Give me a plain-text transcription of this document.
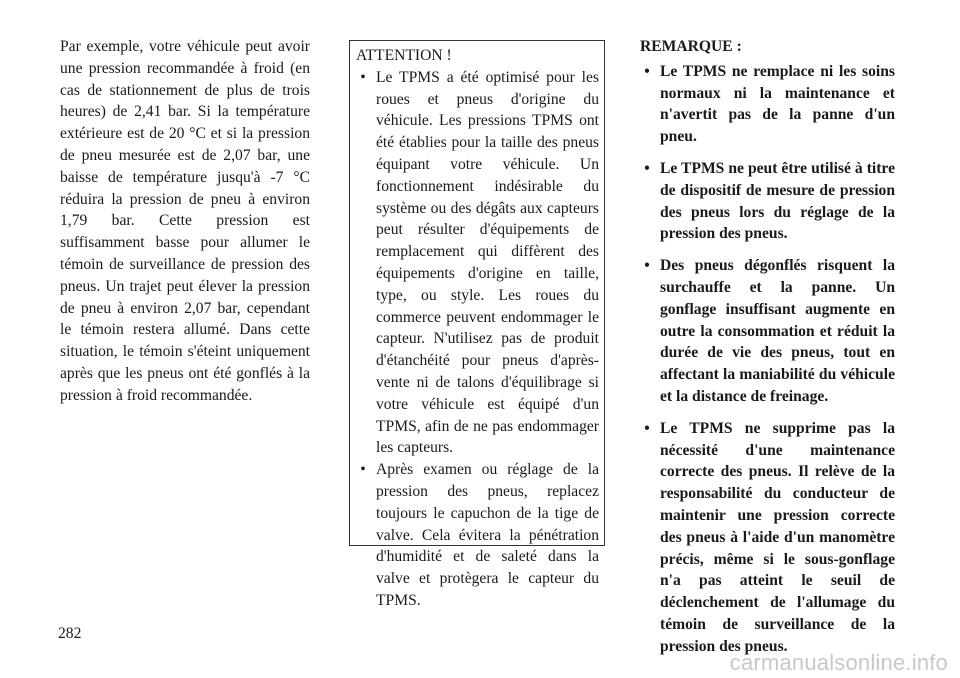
Par exemple, votre véhicule peut avoir une pression recommandée à froid (en cas de stationnement de plus de trois heures) de 2,41 bar. Si la température extérieure est de 20 °C et si la pression de pneu mesurée est de 2,07 bar, une baisse de température jusqu'à -7 °C réduira la pression de pneu à environ 1,79 bar. Cette pression est suffisamment basse pour allumer le témoin de surveillance de pression des pneus. Un trajet peut élever la pression de pneu à environ 2,07 bar, cependant le témoin restera allumé. Dans cette situation, le témoin s'éteint uniquement après que les pneus ont été gonflés à la pression à froid recommandée.

ATTENTION !

• Le TPMS a été optimisé pour les roues et pneus d'origine du véhicule. Les pressions TPMS ont été établies pour la taille des pneus équipant votre véhicule. Un fonctionnement indésirable du système ou des dégâts aux capteurs peut résulter d'équipements de remplacement qui diffèrent des équipements d'origine en taille, type, ou style. Les roues du commerce peuvent endommager le capteur. N'utilisez pas de produit d'étanchéité pour pneus d'après-vente ni de talons d'équilibrage si votre véhicule est équipé d'un TPMS, afin de ne pas endommager les capteurs.
• Après examen ou réglage de la pression des pneus, replacez toujours le capuchon de la tige de valve. Cela évitera la pénétration d'humidité et de saleté dans la valve et protègera le capteur du TPMS.

REMARQUE :

• Le TPMS ne remplace ni les soins normaux ni la maintenance et n'avertit pas de la panne d'un pneu.
• Le TPMS ne peut être utilisé à titre de dispositif de mesure de pression des pneus lors du réglage de la pression des pneus.
• Des pneus dégonflés risquent la surchauffe et la panne. Un gonflage insuffisant augmente en outre la consommation et réduit la durée de vie des pneus, tout en affectant la maniabilité du véhicule et la distance de freinage.
• Le TPMS ne supprime pas la nécessité d'une maintenance correcte des pneus. Il relève de la responsabilité du conducteur de maintenir une pression correcte des pneus à l'aide d'un manomètre précis, même si le sous-gonflage n'a pas atteint le seuil de déclenchement de l'allumage du témoin de surveillance de la pression des pneus.
282
carmanualsonline.info
